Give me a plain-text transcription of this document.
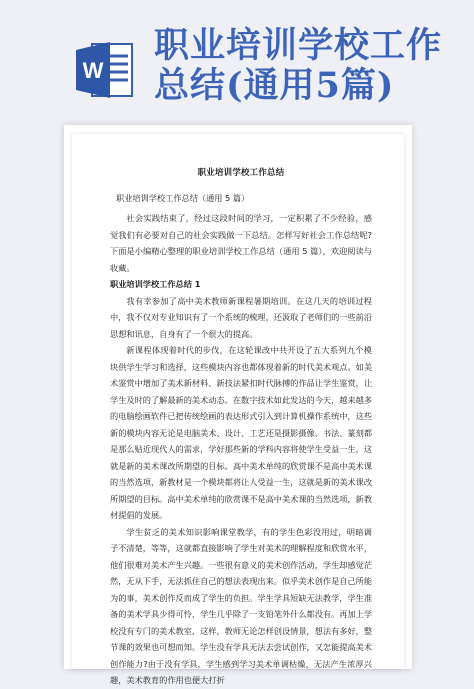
W
职业培训学校工作
总结(通用5篇)
职业培训学校工作总结
职业培训学校工作总结（通用 5 篇）

社会实践结束了，经过这段时间的学习，一定积累了不少经验，感觉我们有必要对自己的社会实践做一下总结。怎样写好社会工作总结呢?下面是小编精心整理的职业培训学校工作总结（通用 5 篇），欢迎阅读与收藏。

职业培训学校工作总结 1

我有幸参加了高中美术教师新课程暑期培训。在这几天的培训过程中，我不仅对专业知识有了一个系统的梳理，还汲取了老师们的一些前沿思想和讯息，自身有了一个很大的提高。

新课程体现着时代的步伐，在这轮课改中共开设了五大系列九个模块供学生学习和选择，这些模块内容也都体现着新的时代美术观点。如美术鉴赏中增加了美术新材料、新技法紧扣时代脉搏的作品让学生鉴赏，让学生及时的了解最新的美术动态。在数字技术如此发达的今天，越来越多的电脑绘画软件已把传统绘画的表达形式引入到计算机操作系统中，这些新的模块内容无论是电脑美术、设计、工艺还是摄影摄像、书法、篆刻都是那么贴近现代人的需求，学好那些新的学科内容将使学生受益一生，这就是新的美术课改所期望的目标。高中美术单纯的欣赏课不是高中美术课的当然选项，新教材是一个模块都将让人受益一生，这就是新的美术课改所期望的目标。高中美术单纯的欣赏课不是高中美术课的当然选项，新教材提倡的发展。

学生贫乏的美术知识影响课堂教学，有的学生色彩没用过，明暗调子不清楚，等等，这就都直接影响了学生对美术的理解程度和欣赏水平，他们很难对美术产生兴趣。一些很有意义的美术创作活动，学生却感觉茫然，无从下手，无法抓住自己的想法表现出来。似乎美术创作是自己所能为的事，美术创作反而成了学生的负担。学生学具短缺无法教学，学生准备的美术学具少得可怜，学生几乎除了一支铅笔外什么都没有。再加上学校没有专门的美术教室，这样，教师无论怎样创设情景，想法有多好，整节课的效果也可想而知。学生没有学具无法去尝试创作，又怎能提高美术创作能力?由于没有学具，学生感到学习美术单调枯燥，无法产生浓厚兴趣，美术教育的作用也便大打折
